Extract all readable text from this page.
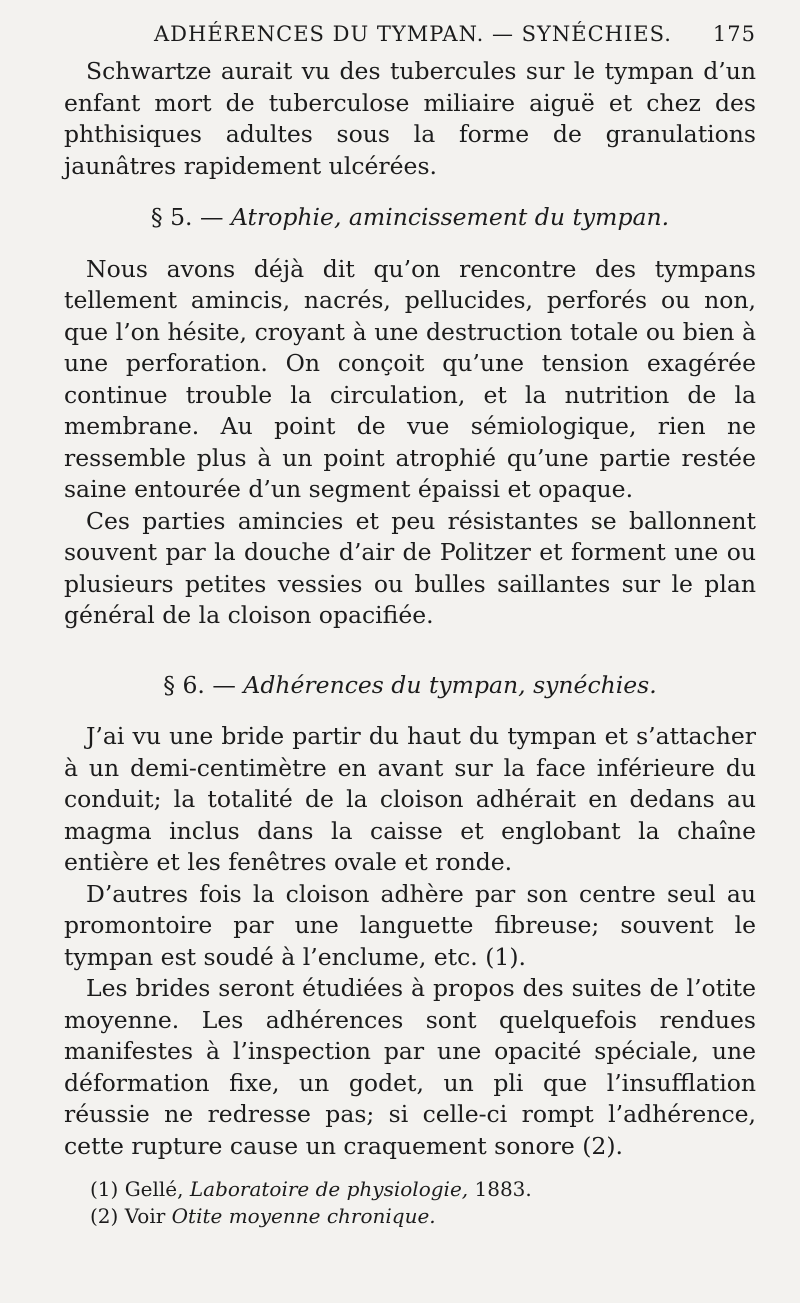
ADHÉRENCES DU TYMPAN. — SYNÉCHIES.	175

Schwartze aurait vu des tubercules sur le tympan d’un enfant mort de tuberculose miliaire aiguë et chez des phthisiques adultes sous la forme de granulations jaunâtres rapidement ulcérées.

§ 5. — Atrophie, amincissement du tympan.

Nous avons déjà dit qu’on rencontre des tympans tellement amincis, nacrés, pellucides, perforés ou non, que l’on hésite, croyant à une destruction totale ou bien à une perforation. On conçoit qu’une tension exagérée continue trouble la circulation, et la nutrition de la membrane. Au point de vue sémiologique, rien ne ressemble plus à un point atrophié qu’une partie restée saine entourée d’un segment épaissi et opaque.

Ces parties amincies et peu résistantes se ballonnent souvent par la douche d’air de Politzer et forment une ou plusieurs petites vessies ou bulles saillantes sur le plan général de la cloison opacifiée.

§ 6. — Adhérences du tympan, synéchies.

J’ai vu une bride partir du haut du tympan et s’attacher à un demi-centimètre en avant sur la face inférieure du conduit; la totalité de la cloison adhérait en dedans au magma inclus dans la caisse et englobant la chaîne entière et les fenêtres ovale et ronde.

D’autres fois la cloison adhère par son centre seul au promontoire par une languette fibreuse; souvent le tympan est soudé à l’enclume, etc. (1).

Les brides seront étudiées à propos des suites de l’otite moyenne. Les adhérences sont quelquefois rendues manifestes à l’inspection par une opacité spéciale, une déformation fixe, un godet, un pli que l’insufflation réussie ne redresse pas; si celle-ci rompt l’adhérence, cette rupture cause un craquement sonore (2).

(1) Gellé, Laboratoire de physiologie, 1883.
(2) Voir Otite moyenne chronique.
